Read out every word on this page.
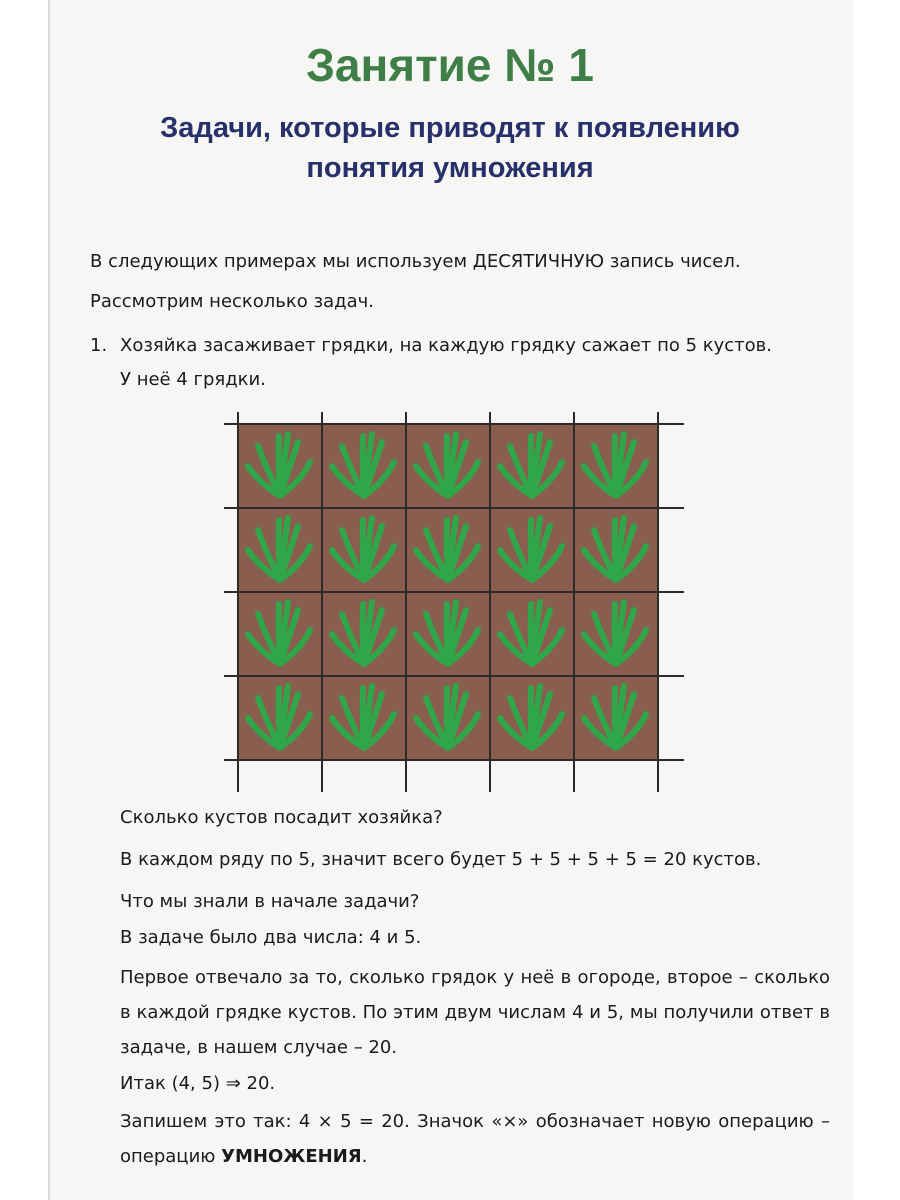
Занятие № 1
Задачи, которые приводят к появлению
понятия умножения
В следующих примерах мы используем ДЕСЯТИЧНУЮ запись чисел.
Рассмотрим несколько задач.
1. Хозяйка засаживает грядки, на каждую грядку сажает по 5 кустов.
У неё 4 грядки.
Сколько кустов посадит хозяйка?
В каждом ряду по 5, значит всего будет 5 + 5 + 5 + 5 = 20 кустов.
Что мы знали в начале задачи?
В задаче было два числа: 4 и 5.
Первое отвечало за то, сколько грядок у неё в огороде, второе – сколько в каждой грядке кустов. По этим двум числам 4 и 5, мы получили ответ в задаче, в нашем случае – 20.
Итак (4, 5) ⇒ 20.
Запишем это так: 4 × 5 = 20. Значок «×» обозначает новую операцию – операцию УМНОЖЕНИЯ.
